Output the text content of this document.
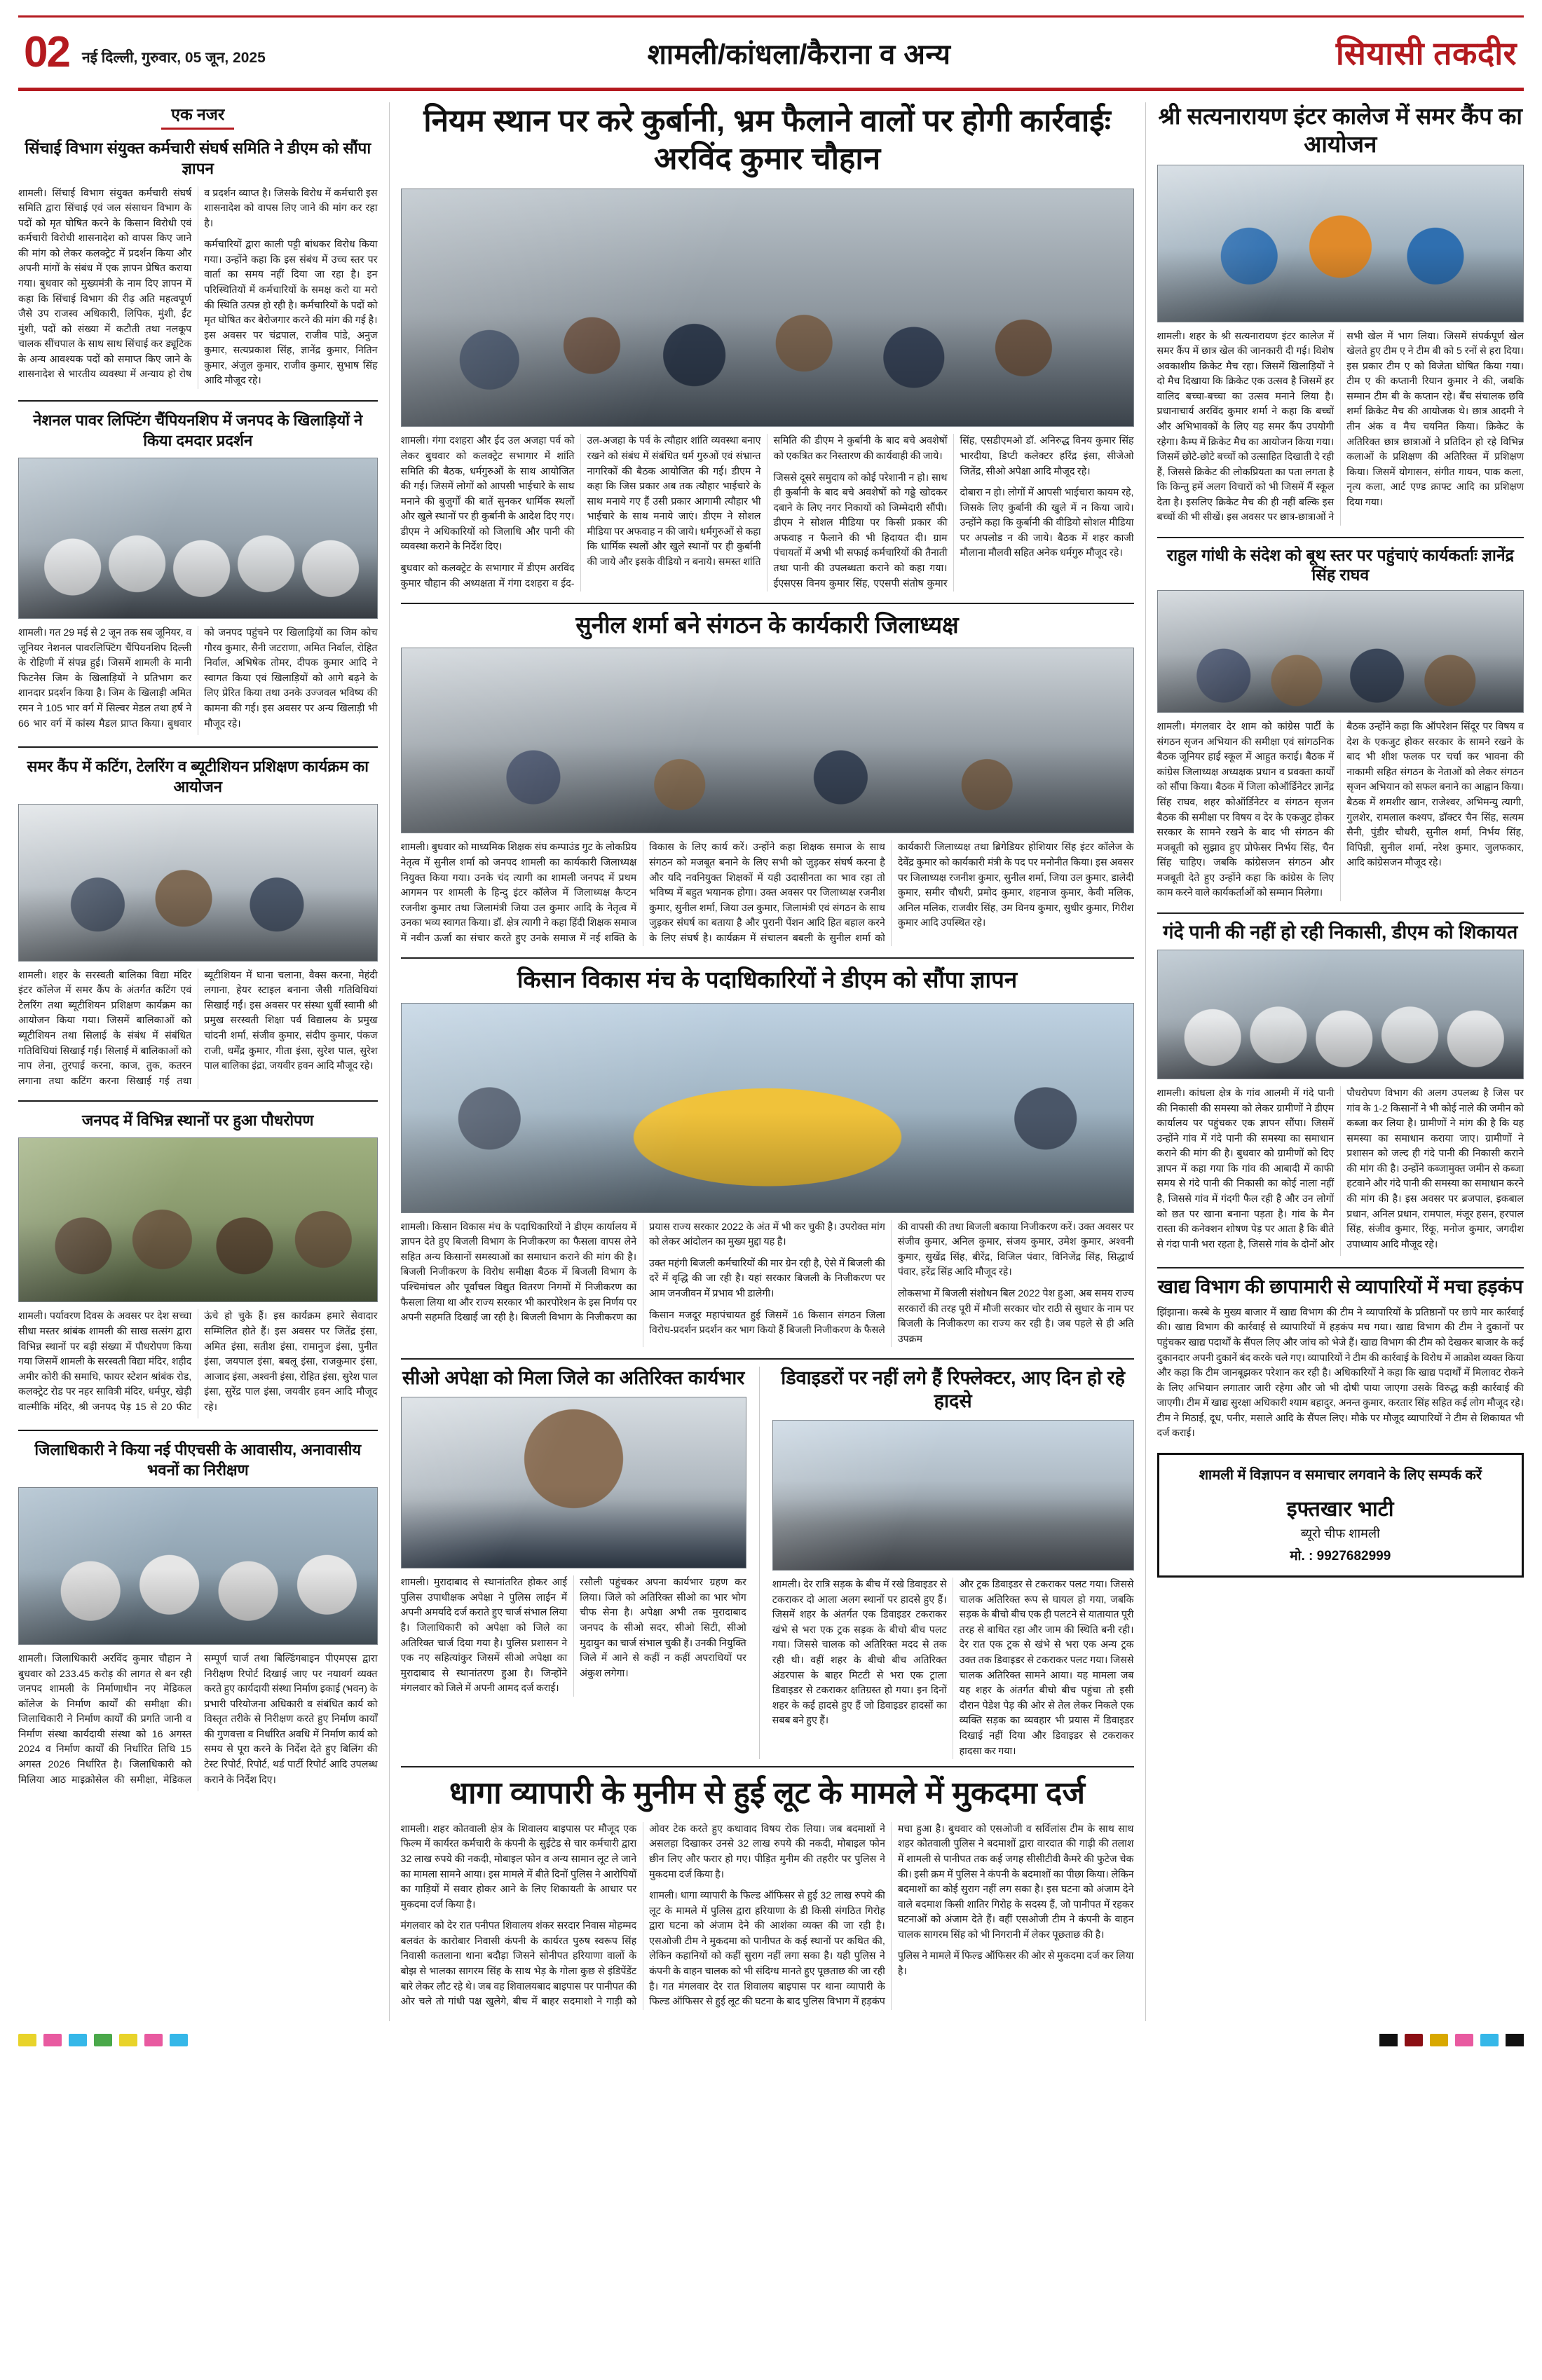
02 नई दिल्ली, गुरुवार, 05 जून, 2025	शामली/कांधला/कैराना व अन्य	सियासी तकदीर
एक नजर
सिंचाई विभाग संयुक्त कर्मचारी संघर्ष समिति ने डीएम को सौंपा ज्ञापन

शामली। सिंचाई विभाग संयुक्त कर्मचारी संघर्ष समिति द्वारा सिंचाई एवं जल संसाधन विभाग के पदों को मृत घोषित करने के किसान विरोधी एवं कर्मचारी विरोधी शासनादेश को वापस किए जाने की मांग को लेकर कलक्ट्रेट में प्रदर्शन किया और अपनी मांगों के संबंध में एक ज्ञापन प्रेषित कराया गया। बुधवार को मुख्यमंत्री के नाम दिए ज्ञापन में कहा कि सिंचाई विभाग की रीढ़ अति महत्वपूर्ण जैसे उप राजस्व अधिकारी, लिपिक, मुंशी, ईंट मुंशी, पदों को संख्या में कटौती तथा नलकूप चालक सींचपाल के साथ साथ सिंचाई कर ड्यूटिक के अन्य आवश्यक पदों को समाप्त किए जाने के शासनादेश से भारतीय व्यवस्था में अन्याय हो रोष व प्रदर्शन व्याप्त है। जिसके विरोध में कर्मचारी इस शासनादेश को वापस लिए जाने की मांग कर रहा है।

कर्मचारियों द्वारा काली पट्टी बांधकर विरोध किया गया। उन्होंने कहा कि इस संबंध में उच्च स्तर पर वार्ता का समय नहीं दिया जा रहा है। इन परिस्थितियों में कर्मचारियों के समक्ष करो या मरो की स्थिति उत्पन्न हो रही है। कर्मचारियों के पदों को मृत घोषित कर बेरोजगार करने की मांग की गई है। इस अवसर पर चंद्रपाल, राजीव पांडे, अनुज कुमार, सत्यप्रकाश सिंह, ज्ञानेंद्र कुमार, नितिन कुमार, अंजुल कुमार, राजीव कुमार, सुभाष सिंह आदि मौजूद रहे।

नेशनल पावर लिफ्टिंग चैंपियनशिप में जनपद के खिलाड़ियों ने किया दमदार प्रदर्शन

शामली। गत 29 मई से 2 जून तक सब जूनियर, व जूनियर नेशनल पावरलिफ्टिंग चैंपियनशिप दिल्ली के रोहिणी में संपन्न हुई। जिसमें शामली के मानी फिटनेस जिम के खिलाड़ियों ने प्रतिभाग कर शानदार प्रदर्शन किया है। जिम के खिलाड़ी अमित रमन ने 105 भार वर्ग में सिल्वर मेडल तथा हर्ष ने 66 भार वर्ग में कांस्य मैडल प्राप्त किया। बुधवार को जनपद पहुंचने पर खिलाड़ियों का जिम कोच गौरव कुमार, सैनी जटराणा, अमित निर्वाल, रोहित निर्वाल, अभिषेक तोमर, दीपक कुमार आदि ने स्वागत किया एवं खिलाड़ियों को आगे बढ़ने के लिए प्रेरित किया तथा उनके उज्जवल भविष्य की कामना की गई। इस अवसर पर अन्य खिलाड़ी भी मौजूद रहे।

समर कैंप में कटिंग, टेलरिंग व ब्यूटीशियन प्रशिक्षण कार्यक्रम का आयोजन

शामली। शहर के सरस्वती बालिका विद्या मंदिर इंटर कॉलेज में समर कैंप के अंतर्गत कटिंग एवं टेलरिंग तथा ब्यूटीशियन प्रशिक्षण कार्यक्रम का आयोजन किया गया। जिसमें बालिकाओं को ब्यूटीशियन तथा सिलाई के संबंध में संबंधित गतिविधियां सिखाईं गईं। सिलाई में बालिकाओं को नाप लेना, तुरपाई करना, काज, तुक, कतरन लगाना तथा कटिंग करना सिखाई गई तथा ब्यूटीशियन में घाना चलाना, वैक्स करना, मेहंदी लगाना, हेयर स्टाइल बनाना जैसी गतिविधियां सिखाई गईं। इस अवसर पर संस्था धुर्वी स्वामी श्री प्रमुख सरस्वती शिक्षा पर्व विद्यालय के प्रमुख चांदनी शर्मा, संजीव कुमार, संदीप कुमार, पंकज राजी, धर्मेंद्र कुमार, गीता इंसा, सुरेश पाल, सुरेश पाल बालिका इंद्रा, जयवीर हवन आदि मौजूद रहे।

जनपद में विभिन्न स्थानों पर हुआ पौधरोपण

शामली। पर्यावरण दिवस के अवसर पर देश सच्चा सीधा मस्तर श्रांबंक शामली की साख सत्संग द्वारा विभिन्न स्थानों पर बड़ी संख्या में पौधरोपण किया गया जिसमें शामली के सरस्वती विद्या मंदिर, शहीद अमीर कोरी की समाधि, फायर स्टेशन श्रांबंक रोड, कलक्ट्रेट रोड पर नहर सावित्री मंदिर, धर्मपुर, खेड़ी वाल्मीकि मंदिर, श्री जनपद पेड़ 15 से 20 फीट ऊंचे हो चुके हैं। इस कार्यक्रम हमारे सेवादार सम्मिलित होते हैं। इस अवसर पर जितेंद्र इंसा, अमित इंसा, सतीश इंसा, रामानुज इंसा, पुनीत इंसा, जयपाल इंसा, बबलू इंसा, राजकुमार इंसा, आजाद इंसा, अश्वनी इंसा, रोहित इंसा, सुरेश पाल इंसा, सुरेंद्र पाल इंसा, जयवीर हवन आदि मौजूद रहे।

जिलाधिकारी ने किया नई पीएचसी के आवासीय, अनावासीय भवनों का निरीक्षण

शामली। जिलाधिकारी अरविंद कुमार चौहान ने बुधवार को 233.45 करोड़ की लागत से बन रही जनपद शामली के निर्माणाधीन नए मेडिकल कॉलेज के निर्माण कार्यों की समीक्षा की। जिलाधिकारी ने निर्माण कार्यों की प्रगति जानी व निर्माण संस्था कार्यदायी संस्था को 16 अगस्त 2024 व निर्माण कार्यों की निर्धारित तिथि 15 अगस्त 2026 निर्धारित है। जिलाधिकारी को मिलिया आठ माइक्रोसेल की समीक्षा, मेडिकल सम्पूर्ण चार्ज तथा बिल्डिंगबाइन पीएमएस द्वारा निरीक्षण रिपोर्ट दिखाई जाए पर नयावर्ग व्यक्त करते हुए कार्यदायी संस्था निर्माण इकाई (भवन) के प्रभारी परियोजना अधिकारी व संबंधित कार्य को विस्तृत तरीके से निरीक्षण करते हुए निर्माण कार्यों की गुणवत्ता व निर्धारित अवधि में निर्माण कार्य को समय से पूरा करने के निर्देश देते हुए बिलिंग की टेस्ट रिपोर्ट, रिपोर्ट, थर्ड पार्टी रिपोर्ट आदि उपलब्ध कराने के निर्देश दिए।

नियम स्थान पर करे कुर्बानी, भ्रम फैलाने वालों पर होगी कार्रवाईः अरविंद कुमार चौहान

शामली। गंगा दशहरा और ईद उल अजहा पर्व को लेकर बुधवार को कलक्ट्रेट सभागार में शांति समिति की बैठक, धर्मगुरुओं के साथ आयोजित की गई। जिसमें लोगों को आपसी भाईचारे के साथ मनाने की बुजुर्गों की बातें सुनकर धार्मिक स्थलों और खुले स्थानों पर ही कुर्बानी के आदेश दिए गए। डीएम ने अधिकारियों को जिलाधि और पानी की व्यवस्था कराने के निर्देश दिए।

बुधवार को कलक्ट्रेट के सभागार में डीएम अरविंद कुमार चौहान की अध्यक्षता में गंगा दशहरा व ईद-उल-अजहा के पर्व के त्यौहार शांति व्यवस्था बनाए रखने को संबंध में संबंधित धर्म गुरुओं एवं संभ्रान्त नागरिकों की बैठक आयोजित की गई। डीएम ने कहा कि जिस प्रकार अब तक त्यौहार भाईचारे के साथ मनाये गए हैं उसी प्रकार आगामी त्यौहार भी भाईचारे के साथ मनाये जाएं। डीएम ने सोशल मीडिया पर अफवाह न की जाये। धर्मगुरुओं से कहा कि धार्मिक स्थलों और खुले स्थानों पर ही कुर्बानी की जाये और इसके वीडियो न बनाये। समस्त शांति समिति की डीएम ने कुर्बानी के बाद बचे अवशेषों को एकत्रित कर निस्तारण की कार्यवाही की जाये।

जिससे दूसरे समुदाय को कोई परेशानी न हो। साथ ही कुर्बानी के बाद बचे अवशेषों को गढ्ढे खोदकर दबाने के लिए नगर निकायों को जिम्मेदारी सौंपी। डीएम ने सोशल मीडिया पर किसी प्रकार की अफवाह न फैलाने की भी हिदायत दी। ग्राम पंचायतों में अभी भी सफाई कर्मचारियों की तैनाती तथा पानी की उपलब्धता कराने को कहा गया। ईएसएस विनय कुमार सिंह, एएसपी संतोष कुमार सिंह, एसडीएमओ डॉ. अनिरुद्ध विनय कुमार सिंह भारदीया, डिप्टी कलेक्टर हरिंद्र इंसा, सीजेओ जितेंद्र, सीओ अपेक्षा आदि मौजूद रहे।

दोबारा न हो। लोगों में आपसी भाईचारा कायम रहे, जिसके लिए कुर्बानी की खुले में न किया जाये। उन्होंने कहा कि कुर्बानी की वीडियो सोशल मीडिया पर अपलोड न की जाये। बैठक में शहर काजी मौलाना मौलवी सहित अनेक धर्मगुरु मौजूद रहे।

सुनील शर्मा बने संगठन के कार्यकारी जिलाध्यक्ष

शामली। बुधवार को माध्यमिक शिक्षक संघ कम्पाउंड गुट के लोकप्रिय नेतृत्व में सुनील शर्मा को जनपद शामली का कार्यकारी जिलाध्यक्ष नियुक्त किया गया। उनके चंद त्यागी का शामली जनपद में प्रथम आगमन पर शामली के हिन्दु इंटर कॉलेज में जिलाध्यक्ष कैप्टन रजनीश कुमार तथा जिलामंत्री जिया उल कुमार आदि के नेतृत्व में उनका भव्य स्वागत किया। डॉ. क्षेत्र त्यागी ने कहा हिंदी शिक्षक समाज में नवीन ऊर्जा का संचार करते हुए उनके समाज में नई शक्ति के विकास के लिए कार्य करें। उन्होंने कहा शिक्षक समाज के साथ संगठन को मजबूत बनाने के लिए सभी को जुड़कर संघर्ष करना है और यदि नवनियुक्त शिक्षकों में यही उदासीनता का भाव रहा तो भविष्य में बहुत भयानक होगा। उक्त अवसर पर जिलाध्यक्ष रजनीश कुमार, सुनील शर्मा, जिया उल कुमार, जिलामंत्री एवं संगठन के साथ जुड़कर संघर्ष का बताया है और पुरानी पेंशन आदि हित बहाल करने के लिए संघर्ष है। कार्यक्रम में संचालन बबली के सुनील शर्मा को कार्यकारी जिलाध्यक्ष तथा ब्रिगेडियर होशियार सिंह इंटर कॉलेज के देवेंद्र कुमार को कार्यकारी मंत्री के पद पर मनोनीत किया। इस अवसर पर जिलाध्यक्ष रजनीश कुमार, सुनील शर्मा, जिया उल कुमार, डालेदी कुमार, समीर चौधरी, प्रमोद कुमार, शहनाज कुमार, केवी मलिक, अनिल मलिक, राजवीर सिंह, उम विनय कुमार, सुधीर कुमार, गिरीश कुमार आदि उपस्थित रहे।

किसान विकास मंच के पदाधिकारियों ने डीएम को सौंपा ज्ञापन

शामली। किसान विकास मंच के पदाधिकारियों ने डीएम कार्यालय में ज्ञापन देते हुए बिजली विभाग के निजीकरण का फैसला वापस लेने सहित अन्य किसानों समस्याओं का समाधान कराने की मांग की है। बिजली निजीकरण के विरोध समीक्षा बैठक में बिजली विभाग के पश्चिमांचल और पूर्वांचल विद्युत वितरण निगमों में निजीकरण का फैसला लिया था और राज्य सरकार भी कारपोरेशन के इस निर्णय पर अपनी सहमति दिखाई जा रही है। बिजली विभाग के निजीकरण का प्रयास राज्य सरकार 2022 के अंत में भी कर चुकी है। उपरोक्त मांग को लेकर आंदोलन का मुख्य मुद्दा यह है।

उक्त महंगी बिजली कर्मचारियों की मार ग्रेन रही है, ऐसे में बिजली की दरें में वृद्धि की जा रही है। यहां सरकार बिजली के निजीकरण पर आम जनजीवन में प्रभाव भी डालेगी।

किसान मजदूर महापंचायत हुई जिसमें 16 किसान संगठन जिला विरोध-प्रदर्शन प्रदर्शन कर भाग कियो हैं बिजली निजीकरण के फैसले की वापसी की तथा बिजली बकाया निजीकरण करें। उक्त अवसर पर संजीव कुमार, अनिल कुमार, संजय कुमार, उमेश कुमार, अश्वनी कुमार, सुखेंद्र सिंह, बीरेंद्र, विजिल पंवार, विनिजेंद्र सिंह, सिद्धार्थ पंवार, हरेंद्र सिंह आदि मौजूद रहे।

लोकसभा में बिजली संशोधन बिल 2022 पेश हुआ, अब समय राज्य सरकारों की तरह पूरी में मौजी सरकार चोर राठी से सुधार के नाम पर बिजली के निजीकरण का राज्य कर रही है। जब पहले से ही अति उपक्रम

सीओ अपेक्षा को मिला जिले का अतिरिक्त कार्यभार

शामली। मुरादाबाद से स्थानांतरित होकर आई पुलिस उपाधीक्षक अपेक्षा ने पुलिस लाईन में अपनी अमर्यादे दर्ज कराते हुए चार्ज संभाल लिया है। जिलाधिकारी को अपेक्षा को जिले का अतिरिक्त चार्ज दिया गया है। पुलिस प्रशासन ने एक नए सहित्यांकुर जिसमें सीओ अपेक्षा का मुरादाबाद से स्थानांतरण हुआ है। जिन्होंने मंगलवार को जिले में अपनी आमद दर्ज कराई।

रसौली पहुंचकर अपना कार्यभार ग्रहण कर लिया। जिले को अतिरिक्त सीओ का भार भोग चीफ सेना है। अपेक्षा अभी तक मुरादाबाद जनपद के सीओ सदर, सीओ सिटी, सीओ मुदायुन का चार्ज संभाल चुकी हैं। उनकी नियुक्ति जिले में आने से कहीं न कहीं अपराधियों पर अंकुश लगेगा।

डिवाइडरों पर नहीं लगे हैं रिफ्लेक्टर, आए दिन हो रहे हादसे

शामली। देर रात्रि सड़क के बीच में रखे डिवाइडर से टकराकर दो आला अलग स्थानों पर हादसे हुए हैं। जिसमें शहर के अंतर्गत एक डिवाइडर टकराकर खंभे से भरा एक ट्रक सड़क के बीचो बीच पलट गया। जिससे चालक को अतिरिक्त मदद से तक रही थी। वहीं शहर के बीचो बीच अतिरिक्त अंडरपास के बाहर मिटटी से भरा एक ट्राला डिवाइडर से टकराकर क्षतिग्रस्त हो गया। इन दिनों शहर के कई हादसे हुए हैं जो डिवाइडर हादसों का सबब बने हुए हैं।

और ट्रक डिवाइडर से टकराकर पलट गया। जिससे चालक अतिरिक्त रूप से घायल हो गया, जबकि सड़क के बीचो बीच एक ही पलटने से यातायात पूरी तरह से बाधित रहा और जाम की स्थिति बनी रही। देर रात एक ट्रक से खंभे से भरा एक अन्य ट्रक उक्त तक डिवाइडर से टकराकर पलट गया। जिससे चालक अतिरिक्त सामने आया। यह मामला जब यह शहर के अंतर्गत बीचो बीच पहुंचा तो इसी दौरान पेडेश पेड़ की ओर से तेल लेकर निकले एक व्यक्ति सड़क का व्यवहार भी प्रयास में डिवाइडर दिखाई नहीं दिया और डिवाइडर से टकराकर हादसा कर गया।

धागा व्यापारी के मुनीम से हुई लूट के मामले में मुकदमा दर्ज

शामली। शहर कोतवाली क्षेत्र के शिवालय बाइपास पर मौजूद एक फिल्म में कार्यरत कर्मचारी के कंपनी के सुईटेड से चार कर्मचारी द्वारा 32 लाख रुपये की नकदी, मोबाइल फोन व अन्य सामान लूट ले जाने का मामला सामने आया। इस मामले में बीते दिनों पुलिस ने आरोपियों का गाड़ियों में सवार होकर आने के लिए शिकायती के आधार पर मुकदमा दर्ज किया है।

मंगलवार को देर रात पनीपत शिवालय शंकर सरदार निवास मोहम्मद बलवंत के कारोबार निवासी कंपनी के कार्यरत पुरुष स्वरूप सिंह निवासी कतलाना थाना बदौड़ा जिसने सोनीपत हरियाणा वालों के बोझ से भालका सागरम सिंह के साथ भेड़ के गोला कुछ से इंडिपेंडेंट बारे लेकर लौट रहे थे। जब वह शिवालयबाद बाइपास पर पानीपत की ओर चले तो गांधी पक्ष खुलेगे, बीच में बाहर सदमाशो ने गाड़ी को ओवर टेक करते हुए कथावाद विषय रोक लिया। जब बदमाशों ने असलहा दिखाकर उनसे 32 लाख रुपये की नकदी, मोबाइल फोन छीन लिए और फरार हो गए। पीड़ित मुनीम की तहरीर पर पुलिस ने मुकदमा दर्ज किया है।

शामली। धागा व्यापारी के फिल्ड ऑफिसर से हुई 32 लाख रुपये की लूट के मामले में पुलिस द्वारा हरियाणा के डी किसी संगठित गिरोह द्वारा घटना को अंजाम देने की आशंका व्यक्त की जा रही है। एसओजी टीम ने मुकदमा को पानीपत के कई स्थानों पर कथित की, लेकिन कहानियों को कहीं सुराग नहीं लगा सका है। यही पुलिस ने कंपनी के वाहन चालक को भी संदिग्ध मानते हुए पूछताछ की जा रही है। गत मंगलवार देर रात शिवालय बाइपास पर थाना व्यापारी के फिल्ड ऑफिसर से हुई लूट की घटना के बाद पुलिस विभाग में हड़कंप मचा हुआ है। बुधवार को एसओजी व सर्विलांस टीम के साथ साथ शहर कोतवाली पुलिस ने बदमाशों द्वारा वारदात की गाड़ी की तलाश में शामली से पानीपत तक कई जगह सीसीटीवी कैमरे की फुटेज चेक की। इसी क्रम में पुलिस ने कंपनी के बदमाशों का पीछा किया। लेकिन बदमाशों का कोई सुराग नहीं लग सका है। इस घटना को अंजाम देने वाले बदमाश किसी शातिर गिरोह के सदस्य हैं, जो पानीपत में रहकर घटनाओं को अंजाम देते हैं। वहीं एसओजी टीम ने कंपनी के वाहन चालक सागरम सिंह को भी निगरानी में लेकर पूछताछ की है।

पुलिस ने मामले में फिल्ड ऑफिसर की ओर से मुकदमा दर्ज कर लिया है।

श्री सत्यनारायण इंटर कालेज में समर कैंप का आयोजन

शामली। शहर के श्री सत्यनारायण इंटर कालेज में समर कैंप में छात्र खेल की जानकारी दी गई। विशेष अवकाशीय क्रिकेट मैच रहा। जिसमें खिलाड़ियों ने दो मैच दिखाया कि क्रिकेट एक उत्सव है जिसमें हर वालिद बच्चा-बच्चा का उत्सव मनाने लिया है। प्रधानाचार्य अरविंद कुमार शर्मा ने कहा कि बच्चों और अभिभावकों के लिए यह समर कैंप उपयोगी रहेगा। कैम्प में क्रिकेट मैच का आयोजन किया गया। जिसमें छोटे-छोटे बच्चों को उत्साहित दिखाती दे रही हैं, जिससे क्रिकेट की लोकप्रियता का पता लगता है कि किन्तु हमें अलग विचारों को भी जिसमें मैं स्कूल देता है। इसलिए क्रिकेट मैच की ही नहीं बल्कि इस बच्चों की भी सीखें। इस अवसर पर छात्र-छात्राओं ने सभी खेल में भाग लिया। जिसमें संपर्कपूर्ण खेल खेलते हुए टीम ए ने टीम बी को 5 रनों से हरा दिया। इस प्रकार टीम ए को विजेता घोषित किया गया। टीम ए की कप्तानी रियान कुमार ने की, जबकि सम्मान टीम बी के कप्तान रहे। बैंच संचालक छवि शर्मा क्रिकेट मैच की आयोजक थे। छात्र आदमी ने तीन अंक व मैच चयनित किया। क्रिकेट के अतिरिक्त छात्र छात्राओं ने प्रतिदिन हो रहे विभिन्न कलाओं के प्रशिक्षण की अतिरिक्त में प्रशिक्षण किया। जिसमें योगासन, संगीत गायन, पाक कला, नृत्य कला, आर्ट एण्ड क्राफ्ट आदि का प्रशिक्षण दिया गया।

राहुल गांधी के संदेश को बूथ स्तर पर पहुंचाएं कार्यकर्ताः ज्ञानेंद्र सिंह राघव

शामली। मंगलवार देर शाम को कांग्रेस पार्टी के संगठन सृजन अभियान की समीक्षा एवं सांगठनिक बैठक जूनियर हाई स्कूल में आहुत कराई। बैठक में कांग्रेस जिलाध्यक्ष अध्यक्षक प्रधान व प्रवक्ता कार्यों को सौंपा किया। बैठक में जिला कोऑर्डिनेटर ज्ञानेंद्र सिंह राघव, शहर कोऑर्डिनेटर व संगठन सृजन बैठक की समीक्षा पर विषय व देर के एकजुट होकर सरकार के सामने रखने के बाद भी संगठन की मजबूती को सुझाव हुए प्रोफेसर निर्भय सिंह, चैन सिंह चाहिए। जबकि कांग्रेसजन संगठन और मजबूती देते हुए उन्होंने कहा कि कांग्रेस के लिए काम करने वाले कार्यकर्ताओं को सम्मान मिलेगा।

बैठक उन्होंने कहा कि ऑपरेशन सिंदूर पर विषय व देश के एकजुट होकर सरकार के सामने रखने के बाद भी शीश फलक पर चर्चा कर भावना की नाकामी सहित संगठन के नेताओं को लेकर संगठन सृजन अभियान को सफल बनाने का आह्वान किया। बैठक में शमशीर खान, राजेश्वर, अभिमन्यु त्यागी, गुलशेर, रामलाल कश्यप, डॉक्टर चैन सिंह, सत्यम सैनी, पुंडीर चौधरी, सुनील शर्मा, निर्भय सिंह, विपिन्नी, सुनील शर्मा, नरेश कुमार, जुलफकार, आदि कांग्रेसजन मौजूद रहे।

गंदे पानी की नहीं हो रही निकासी, डीएम को शिकायत

शामली। कांधला क्षेत्र के गांव आलमी में गंदे पानी की निकासी की समस्या को लेकर ग्रामीणों ने डीएम कार्यालय पर पहुंचकर एक ज्ञापन सौंपा। जिसमें उन्होंने गांव में गंदे पानी की समस्या का समाधान कराने की मांग की है। बुधवार को ग्रामीणों को दिए ज्ञापन में कहा गया कि गांव की आबादी में काफी समय से गंदे पानी की निकासी का कोई नाला नहीं है, जिससे गांव में गंदगी फैल रही है और उन लोगों को छत पर खाना बनाना पड़ता है। गांव के मैन रास्ता की कनेक्शन शोषण पेड़ पर आता है कि बीते से गंदा पानी भरा रहता है, जिससे गांव के दोनों ओर पौधरोपण विभाग की अलग उपलब्ध है जिस पर गांव के 1-2 किसानों ने भी कोई नाले की जमीन को कब्जा कर लिया है। ग्रामीणों ने मांग की है कि यह समस्या का समाधान कराया जाए। ग्रामीणों ने प्रशासन को जल्द ही गंदे पानी की निकासी कराने की मांग की है। उन्होंने कब्जामुक्त जमीन से कब्जा हटवाने और गंदे पानी की समस्या का समाधान करने की मांग की है। इस अवसर पर ब्रजपाल, इकबाल प्रधान, अनिल प्रधान, रामपाल, मंजूर हसन, हरपाल सिंह, संजीव कुमार, रिंकू, मनोज कुमार, जगदीश उपाध्याय आदि मौजूद रहे।

खाद्य विभाग की छापामारी से व्यापारियों में मचा हड़कंप

झिंझाना। कस्बे के मुख्य बाजार में खाद्य विभाग की टीम ने व्यापारियों के प्रतिष्ठानों पर छापे मार कार्रवाई की। खाद्य विभाग की कार्रवाई से व्यापारियों में हड़कंप मच गया। खाद्य विभाग की टीम ने दुकानों पर पहुंचकर खाद्य पदार्थों के सैंपल लिए और जांच को भेजे हैं। खाद्य विभाग की टीम को देखकर बाजार के कई दुकानदार अपनी दुकानें बंद करके चले गए। व्यापारियों ने टीम की कार्रवाई के विरोध में आक्रोश व्यक्त किया और कहा कि टीम जानबूझकर परेशान कर रही है। अधिकारियों ने कहा कि खाद्य पदार्थों में मिलावट रोकने के लिए अभियान लगातार जारी रहेगा और जो भी दोषी पाया जाएगा उसके विरुद्ध कड़ी कार्रवाई की जाएगी। टीम में खाद्य सुरक्षा अधिकारी श्याम बहादुर, अनन्त कुमार, करतार सिंह सहित कई लोग मौजूद रहे। टीम ने मिठाई, दूध, पनीर, मसाले आदि के सैंपल लिए। मौके पर मौजूद व्यापारियों ने टीम से शिकायत भी दर्ज कराई।

शामली में विज्ञापन व समाचार लगवाने के लिए सम्पर्क करें
इफ्तखार भाटी
ब्यूरो चीफ शामली
मो. : 9927682999
